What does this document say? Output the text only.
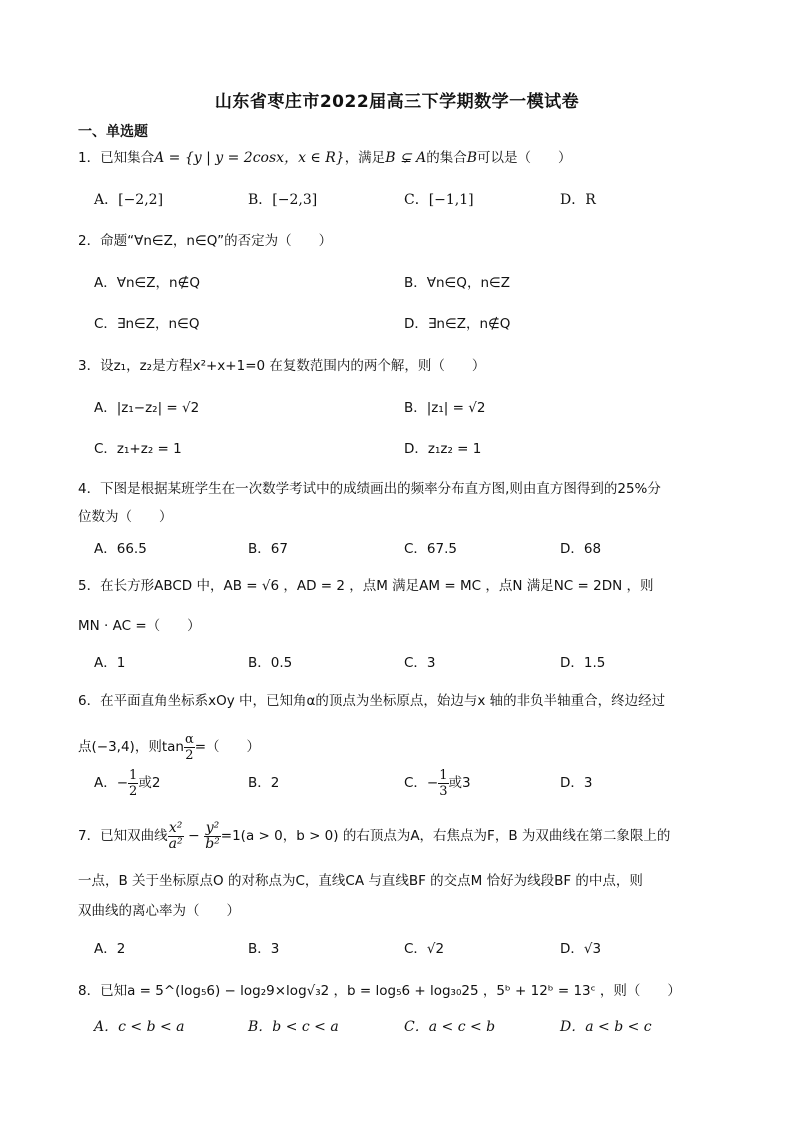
山东省枣庄市2022届高三下学期数学一模试卷
一、单选题
1．已知集合A = {y | y = 2cosx，x ∈ R}，满足B ⊊ A的集合B可以是（　　）
A．[−2,2]	B．[−2,3]	C．[−1,1]	D．R
2．命题“∀n∈Z，n∈Q”的否定为（　　）
A．∀n∈Z，n∉Q	B．∀n∈Q，n∈Z
C．∃n∈Z，n∈Q	D．∃n∈Z，n∉Q
3．设z₁，z₂是方程x²+x+1=0 在复数范围内的两个解，则（　　）
A．|z₁−z₂| = √2	B．|z₁| = √2
C．z₁+z₂ = 1	D．z₁z₂ = 1
4．下图是根据某班学生在一次数学考试中的成绩画出的频率分布直方图,则由直方图得到的25%分
位数为（　　）
A．66.5	B．67	C．67.5	D．68
5．在长方形ABCD 中，AB = √6 ，AD = 2 ，点M 满足AM = MC ，点N 满足NC = 2DN ，则
MN · AC =（　　）
A．1	B．0.5	C．3	D．1.5
6．在平面直角坐标系xOy 中，已知角α的顶点为坐标原点，始边与x 轴的非负半轴重合，终边经过
点(−3,4)，则$\tan \frac{\alpha}{2}$ =（　　）
A．− $\frac{1}{2}$ 或2	B．2	C．− $\frac{1}{3}$ 或3	D．3
7．已知双曲线 $\frac{\text{x²}}{\text{a²}} - \frac{\text{y²}}{\text{b²}} =1(a > 0$，b > 0) 的右顶点为A，右焦点为F，B 为双曲线在第二象限上的
一点，B 关于坐标原点O 的对称点为C，直线CA 与直线BF 的交点M 恰好为线段BF 的中点，则
双曲线的离心率为（　　）
A．2	B．3	C．√2	D．√3
8．已知a = 5^(log₅6) − log₂9×log√₃2 ，b = log₅6 + log₃₀25 ，5ᵇ + 12ᵇ = 13ᶜ ，则（　　）
A．c < b < a	B．b < c < a	C．a < c < b	D．a < b < c
